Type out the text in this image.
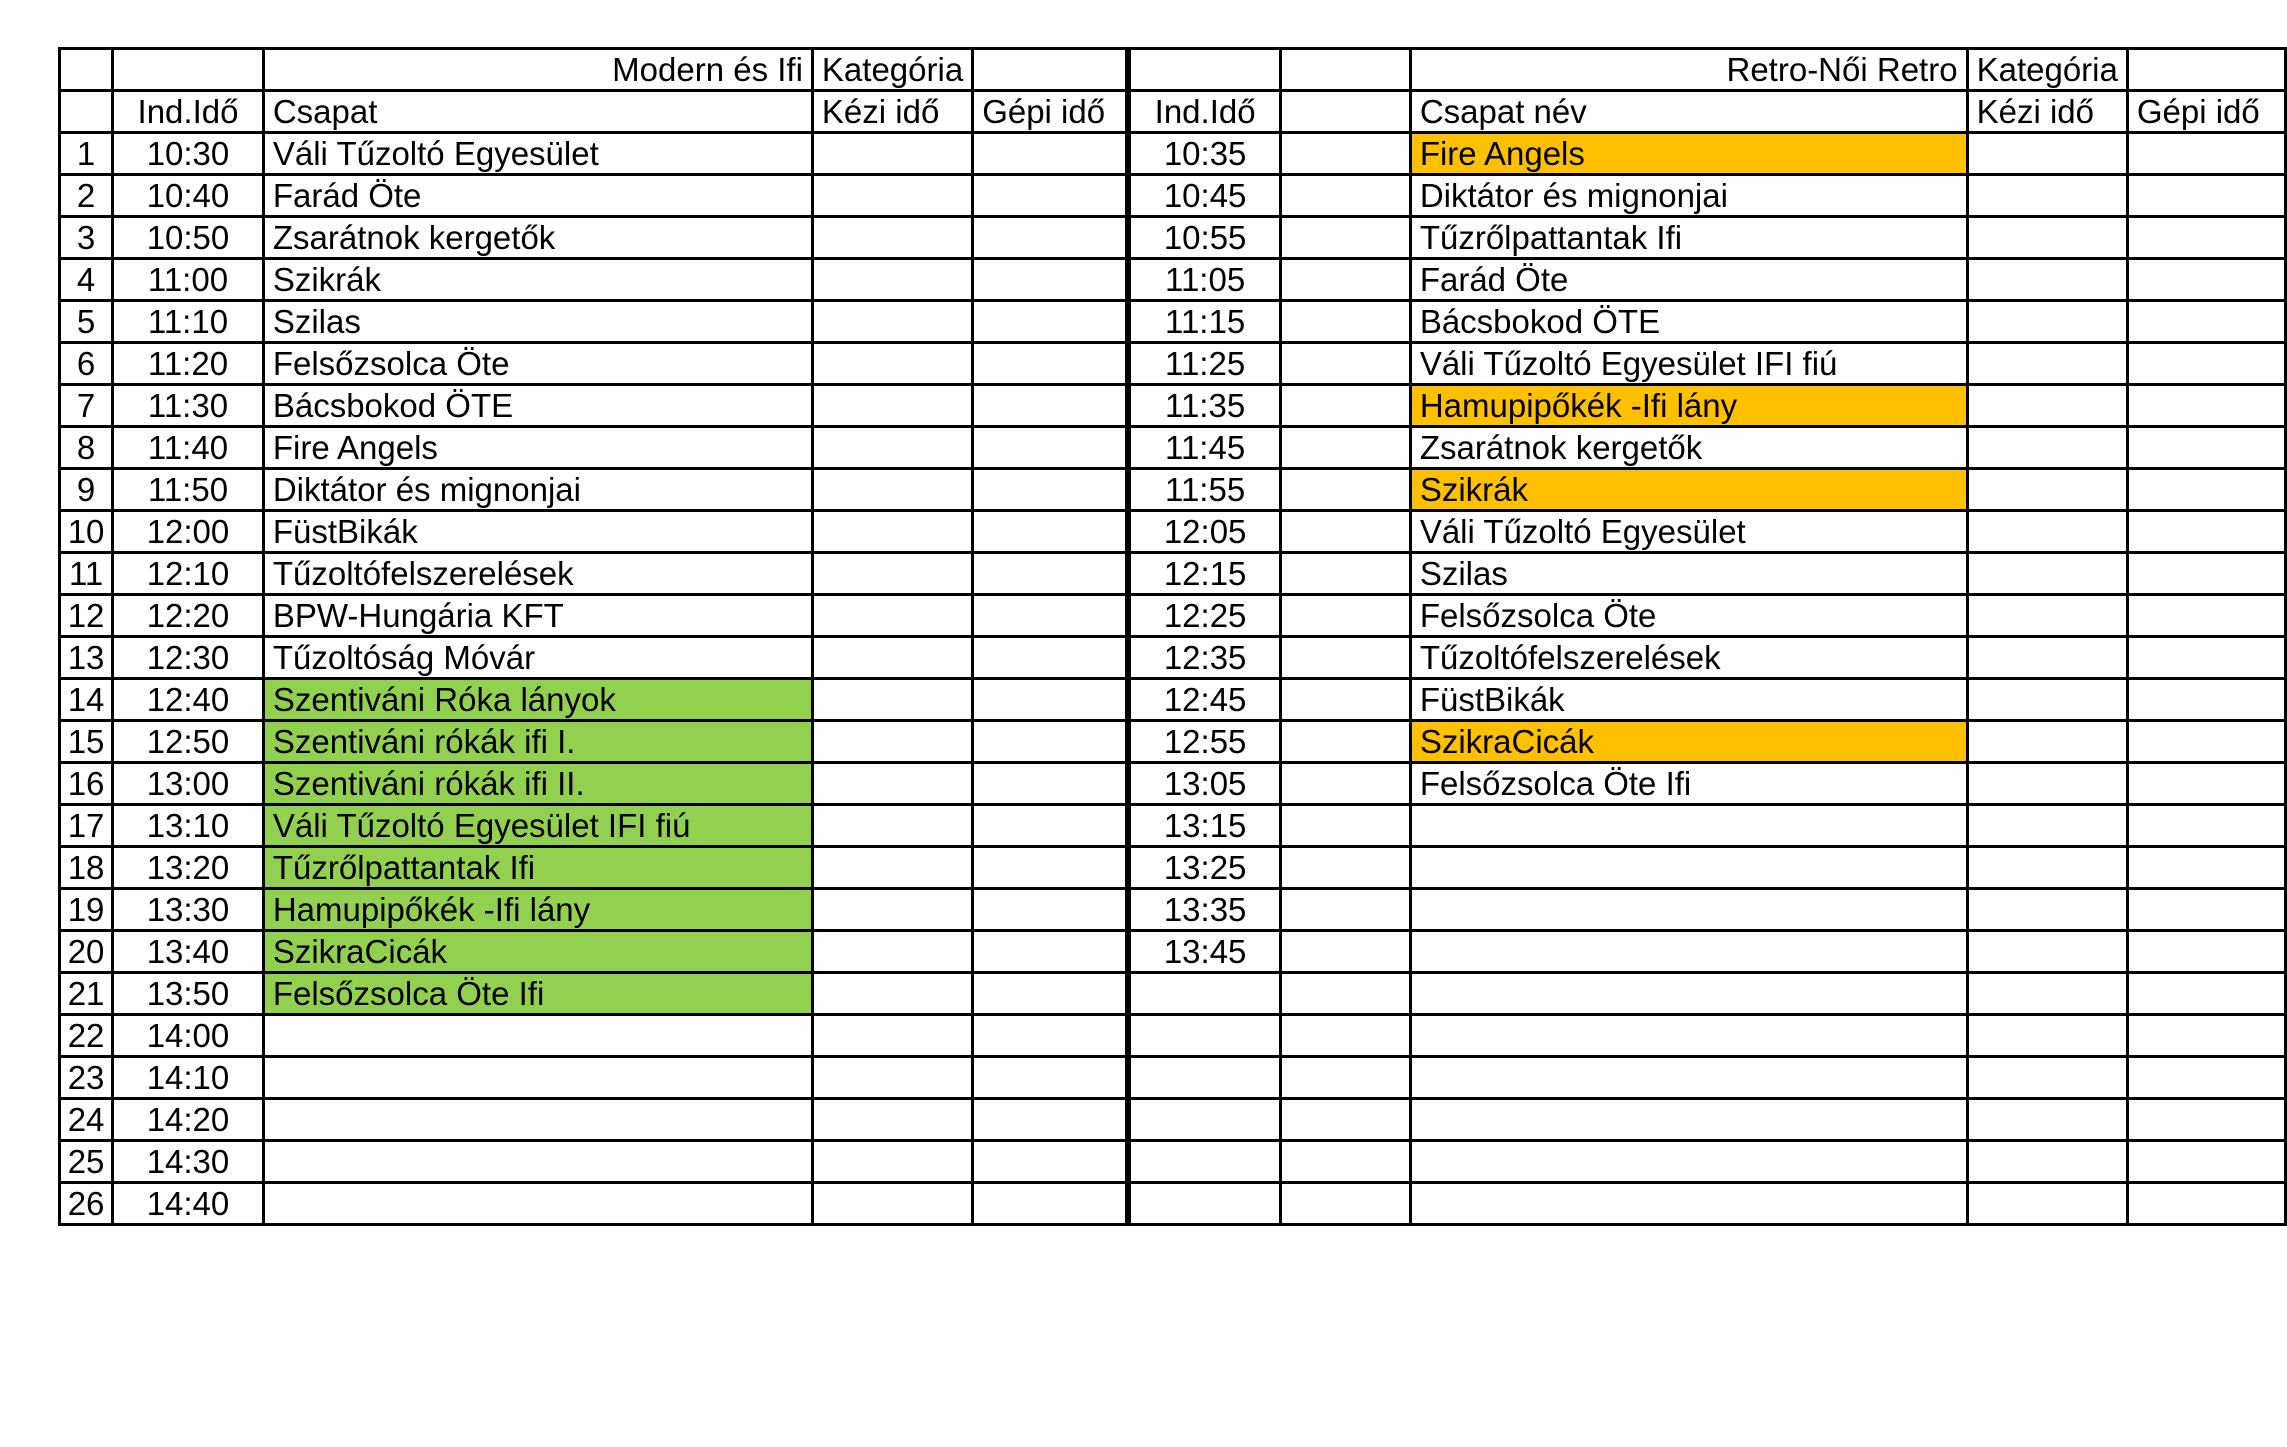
		Modern és Ifi	Kategória				Retro-Női Retro	Kategória	
	Ind.Idő	Csapat	Kézi idő	Gépi idő	Ind.Idő		Csapat név	Kézi idő	Gépi idő
1	10:30	Váli Tűzoltó Egyesület			10:35		Fire Angels		
2	10:40	Farád Öte			10:45		Diktátor és mignonjai		
3	10:50	Zsarátnok kergetők			10:55		Tűzrőlpattantak Ifi		
4	11:00	Szikrák			11:05		Farád Öte		
5	11:10	Szilas			11:15		Bácsbokod ÖTE		
6	11:20	Felsőzsolca Öte			11:25		Váli Tűzoltó Egyesület IFI fiú		
7	11:30	Bácsbokod ÖTE			11:35		Hamupipőkék -Ifi lány		
8	11:40	Fire Angels			11:45		Zsarátnok kergetők		
9	11:50	Diktátor és mignonjai			11:55		Szikrák		
10	12:00	FüstBikák			12:05		Váli Tűzoltó Egyesület		
11	12:10	Tűzoltófelszerelések			12:15		Szilas		
12	12:20	BPW-Hungária KFT			12:25		Felsőzsolca Öte		
13	12:30	Tűzoltóság Móvár			12:35		Tűzoltófelszerelések		
14	12:40	Szentiváni Róka lányok			12:45		FüstBikák		
15	12:50	Szentiváni rókák ifi I.			12:55		SzikraCicák		
16	13:00	Szentiváni rókák ifi II.			13:05		Felsőzsolca Öte Ifi		
17	13:10	Váli Tűzoltó Egyesület IFI fiú			13:15				
18	13:20	Tűzrőlpattantak Ifi			13:25				
19	13:30	Hamupipőkék -Ifi lány			13:35				
20	13:40	SzikraCicák			13:45				
21	13:50	Felsőzsolca Öte Ifi							
22	14:00								
23	14:10								
24	14:20								
25	14:30								
26	14:40								
